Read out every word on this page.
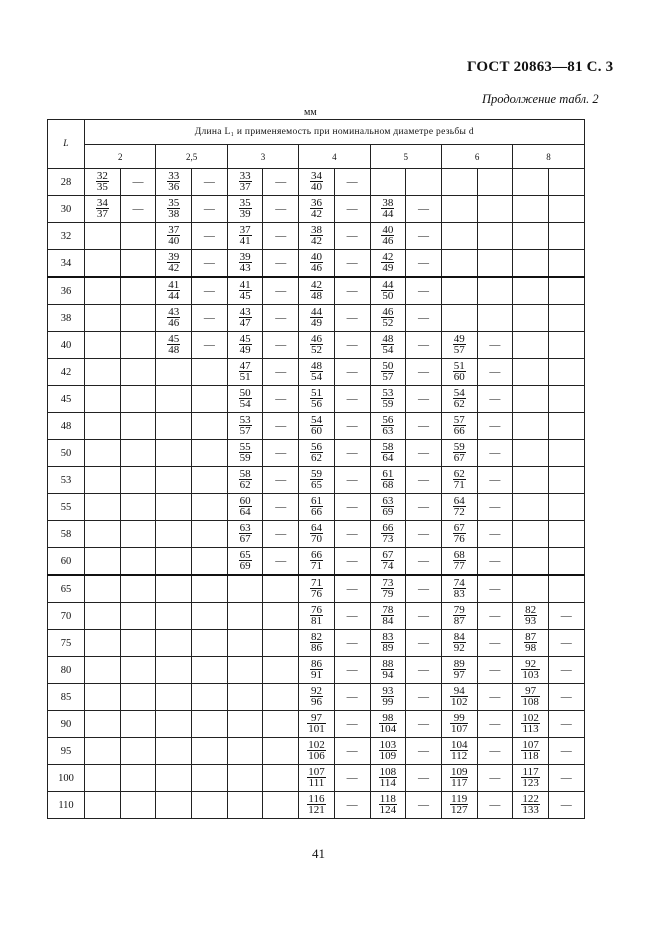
ГОСТ 20863—81 С. 3
Продолжение табл. 2
мм
L	Длина L₁ и применяемость при номинальном диаметре резьбы d													
	2		2,5		3		4		5		6		8	
28	$\frac{32}{35}$	—	$\frac{33}{36}$	—	$\frac{33}{37}$	—	$\frac{34}{40}$	—						
30	$\frac{34}{37}$	—	$\frac{35}{38}$	—	$\frac{35}{39}$	—	$\frac{36}{42}$	—	$\frac{38}{44}$	—				
32			$\frac{37}{40}$	—	$\frac{37}{41}$	—	$\frac{38}{42}$	—	$\frac{40}{46}$	—				
34			$\frac{39}{42}$	—	$\frac{39}{43}$	—	$\frac{40}{46}$	—	$\frac{42}{49}$	—				
36			$\frac{41}{44}$	—	$\frac{41}{45}$	—	$\frac{42}{48}$	—	$\frac{44}{50}$	—				
38			$\frac{43}{46}$	—	$\frac{43}{47}$	—	$\frac{44}{49}$	—	$\frac{46}{52}$	—				
40			$\frac{45}{48}$	—	$\frac{45}{49}$	—	$\frac{46}{52}$	—	$\frac{48}{54}$	—	$\frac{49}{57}$	—		
42					$\frac{47}{51}$	—	$\frac{48}{54}$	—	$\frac{50}{57}$	—	$\frac{51}{60}$	—		
45					$\frac{50}{54}$	—	$\frac{51}{56}$	—	$\frac{53}{59}$	—	$\frac{54}{62}$	—		
48					$\frac{53}{57}$	—	$\frac{54}{60}$	—	$\frac{56}{63}$	—	$\frac{57}{66}$	—		
50					$\frac{55}{59}$	—	$\frac{56}{62}$	—	$\frac{58}{64}$	—	$\frac{59}{67}$	—		
53					$\frac{58}{62}$	—	$\frac{59}{65}$	—	$\frac{61}{68}$	—	$\frac{62}{71}$	—		
55					$\frac{60}{64}$	—	$\frac{61}{66}$	—	$\frac{63}{69}$	—	$\frac{64}{72}$	—		
58					$\frac{63}{67}$	—	$\frac{64}{70}$	—	$\frac{66}{73}$	—	$\frac{67}{76}$	—		
60					$\frac{65}{69}$	—	$\frac{66}{71}$	—	$\frac{67}{74}$	—	$\frac{68}{77}$	—		
65							$\frac{71}{76}$	—	$\frac{73}{79}$	—	$\frac{74}{83}$	—		
70							$\frac{76}{81}$	—	$\frac{78}{84}$	—	$\frac{79}{87}$	—	$\frac{82}{93}$	—
75							$\frac{82}{86}$	—	$\frac{83}{89}$	—	$\frac{84}{92}$	—	$\frac{87}{98}$	—
80							$\frac{86}{91}$	—	$\frac{88}{94}$	—	$\frac{89}{97}$	—	$\frac{92}{103}$	—
85							$\frac{92}{96}$	—	$\frac{93}{99}$	—	$\frac{94}{102}$	—	$\frac{97}{108}$	—
90							$\frac{97}{101}$	—	$\frac{98}{104}$	—	$\frac{99}{107}$	—	$\frac{102}{113}$	—
95							$\frac{102}{106}$	—	$\frac{103}{109}$	—	$\frac{104}{112}$	—	$\frac{107}{118}$	—
100							$\frac{107}{111}$	—	$\frac{108}{114}$	—	$\frac{109}{117}$	—	$\frac{117}{123}$	—
110							$\frac{116}{121}$	—	$\frac{118}{124}$	—	$\frac{119}{127}$	—	$\frac{122}{133}$	—
41
